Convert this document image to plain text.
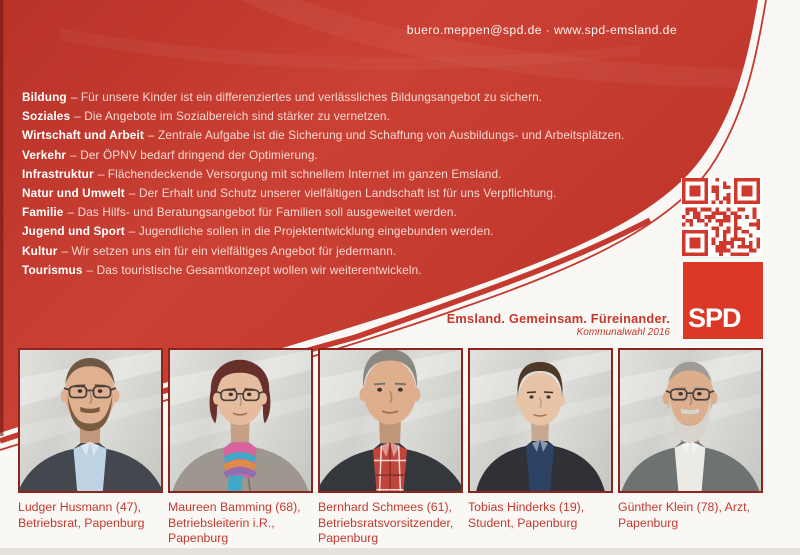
buero.meppen@spd.de · www.spd-emsland.de
Bildung – Für unsere Kinder ist ein differenziertes und verlässliches Bildungsangebot zu sichern.
Soziales – Die Angebote im Sozialbereich sind stärker zu vernetzen.
Wirtschaft und Arbeit – Zentrale Aufgabe ist die Sicherung und Schaffung von Ausbildungs- und Arbeitsplätzen.
Verkehr – Der ÖPNV bedarf dringend der Optimierung.
Infrastruktur – Flächendeckende Versorgung mit schnellem Internet im ganzen Emsland.
Natur und Umwelt – Der Erhalt und Schutz unserer vielfältigen Landschaft ist für uns Verpflichtung.
Familie – Das Hilfs- und Beratungsangebot für Familien soll ausgeweitet werden.
Jugend und Sport – Jugendliche sollen in die Projektentwicklung eingebunden werden.
Kultur – Wir setzen uns ein für ein vielfältiges Angebot für jedermann.
Tourismus – Das touristische Gesamtkonzept wollen wir weiterentwickeln.
SPD
Emsland. Gemeinsam. Füreinander.
Kommunalwahl 2016
Ludger Husmann (47),
Betriebsrat, Papenburg
Maureen Bamming (68),
Betriebsleiterin i.R.,
Papenburg
Bernhard Schmees (61),
Betriebsratsvorsitzender,
Papenburg
Tobias Hinderks (19),
Student, Papenburg
Günther Klein (78), Arzt,
Papenburg
